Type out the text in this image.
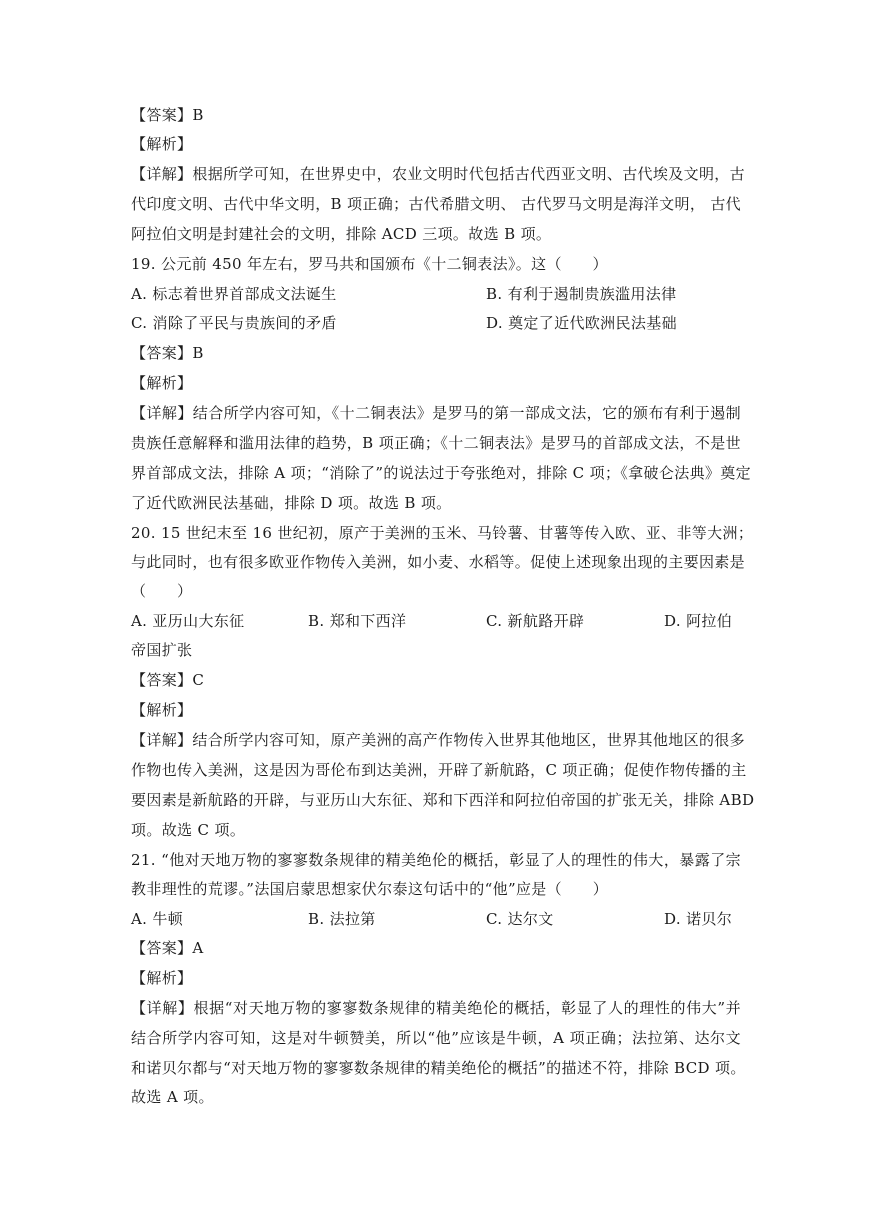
【答案】B
【解析】
【详解】根据所学可知，在世界史中，农业文明时代包括古代西亚文明、古代埃及文明，古
代印度文明、古代中华文明，B 项正确；古代希腊文明、 古代罗马文明是海洋文明， 古代
阿拉伯文明是封建社会的文明，排除 ACD 三项。故选 B 项。
19. 公元前 450 年左右，罗马共和国颁布《十二铜表法》。这（　　）
A. 标志着世界首部成文法诞生	B. 有利于遏制贵族滥用法律
C. 消除了平民与贵族间的矛盾	D. 奠定了近代欧洲民法基础
【答案】B
【解析】
【详解】结合所学内容可知，《十二铜表法》是罗马的第一部成文法，它的颁布有利于遏制
贵族任意解释和滥用法律的趋势，B 项正确；《十二铜表法》是罗马的首部成文法，不是世
界首部成文法，排除 A 项；“消除了”的说法过于夸张绝对，排除 C 项；《拿破仑法典》奠定
了近代欧洲民法基础，排除 D 项。故选 B 项。
20. 15 世纪末至 16 世纪初，原产于美洲的玉米、马铃薯、甘薯等传入欧、亚、非等大洲；
与此同时，也有很多欧亚作物传入美洲，如小麦、水稻等。促使上述现象出现的主要因素是
（　　）
A. 亚历山大东征	B. 郑和下西洋	C. 新航路开辟	D. 阿拉伯
帝国扩张
【答案】C
【解析】
【详解】结合所学内容可知，原产美洲的高产作物传入世界其他地区，世界其他地区的很多
作物也传入美洲，这是因为哥伦布到达美洲，开辟了新航路，C 项正确；促使作物传播的主
要因素是新航路的开辟，与亚历山大东征、郑和下西洋和阿拉伯帝国的扩张无关，排除 ABD
项。故选 C 项。
21. “他对天地万物的寥寥数条规律的精美绝伦的概括，彰显了人的理性的伟大，暴露了宗
教非理性的荒谬。”法国启蒙思想家伏尔泰这句话中的“他”应是（　　）
A. 牛顿	B. 法拉第	C. 达尔文	D. 诺贝尔
【答案】A
【解析】
【详解】根据“对天地万物的寥寥数条规律的精美绝伦的概括，彰显了人的理性的伟大”并
结合所学内容可知，这是对牛顿赞美，所以“他”应该是牛顿，A 项正确；法拉第、达尔文
和诺贝尔都与“对天地万物的寥寥数条规律的精美绝伦的概括”的描述不符，排除 BCD 项。
故选 A 项。
